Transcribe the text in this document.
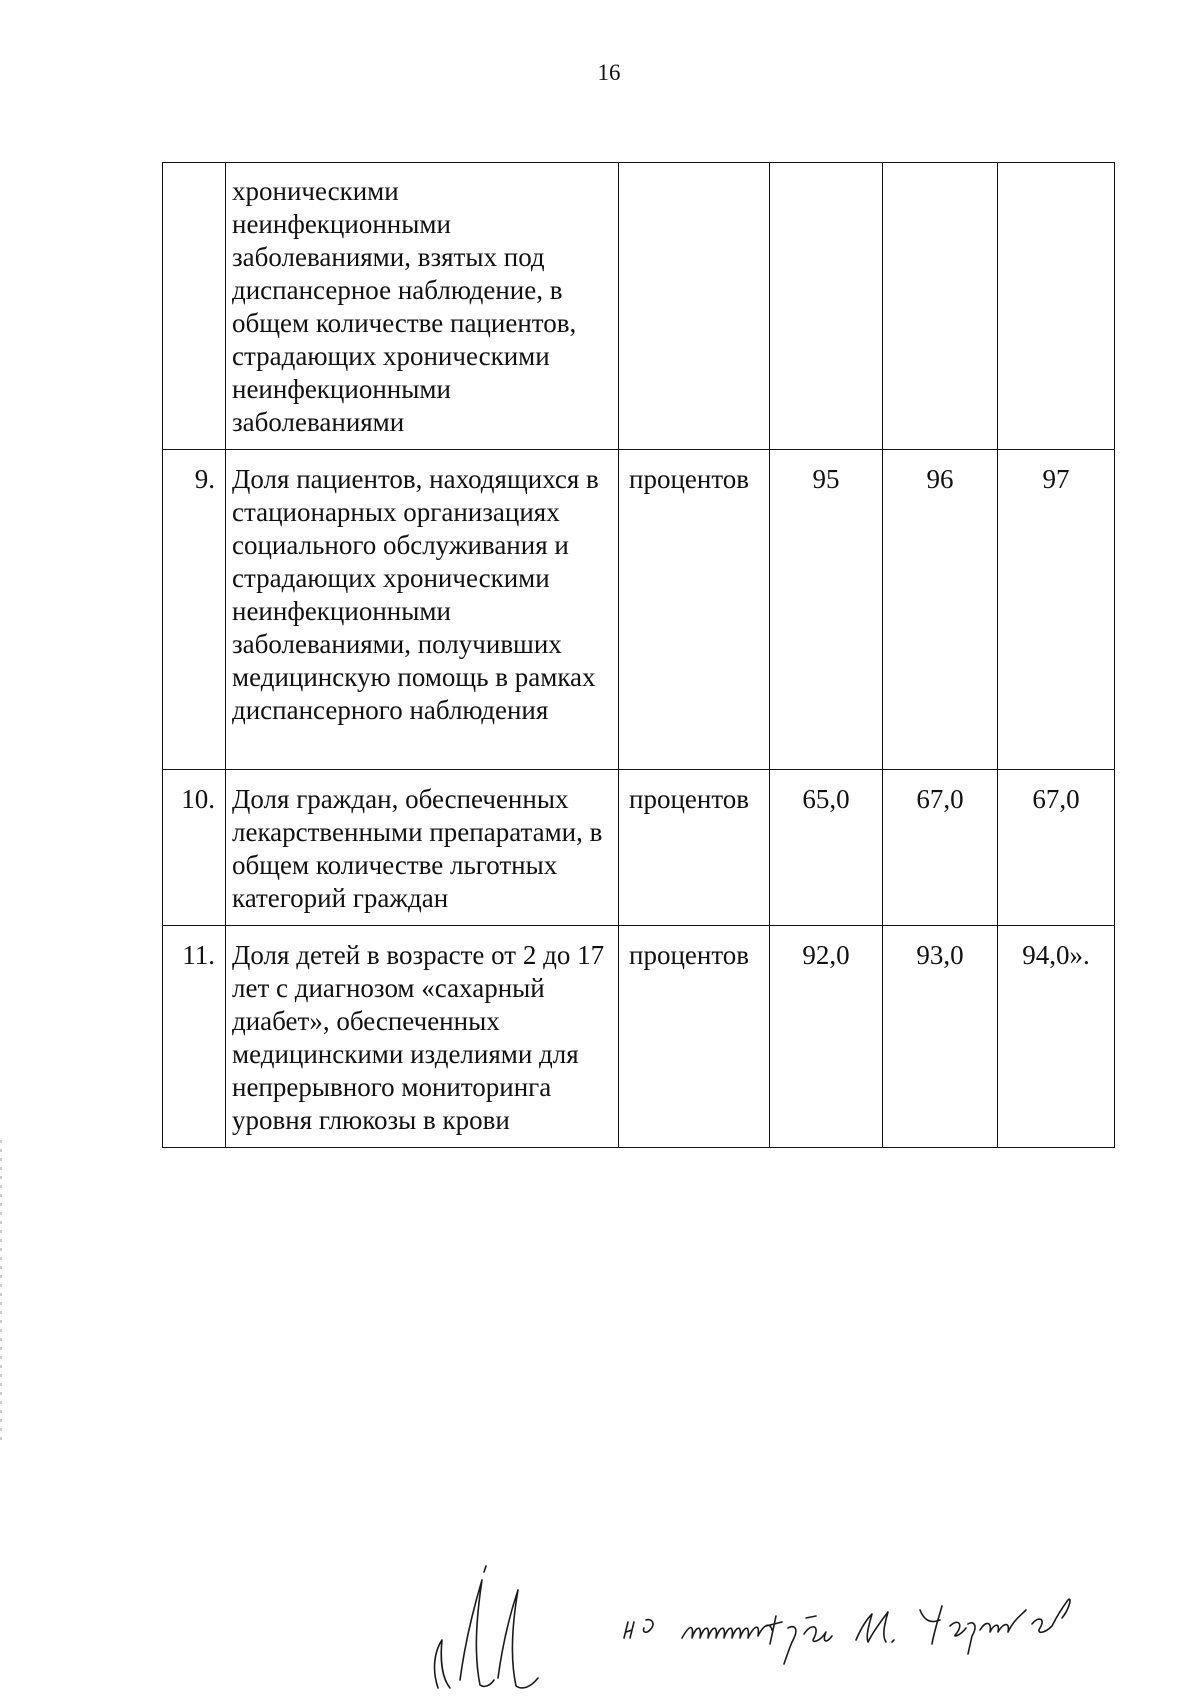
16
	хроническими неинфекционными заболеваниями, взятых под диспансерное наблюдение, в общем количестве пациентов, страдающих хроническими неинфекционными заболеваниями				
9.	Доля пациентов, находящихся в стационарных организациях социального обслуживания и страдающих хроническими неинфекционными заболеваниями, получивших медицинскую помощь в рамках диспансерного наблюдения	процентов	95	96	97
10.	Доля граждан, обеспеченных лекарственными препаратами, в общем количестве льготных категорий граждан	процентов	65,0	67,0	67,0
11.	Доля детей в возрасте от 2 до 17 лет с диагнозом «сахарный диабет», обеспеченных медицинскими изделиями для непрерывного мониторинга уровня глюкозы в крови	процентов	92,0	93,0	94,0».
